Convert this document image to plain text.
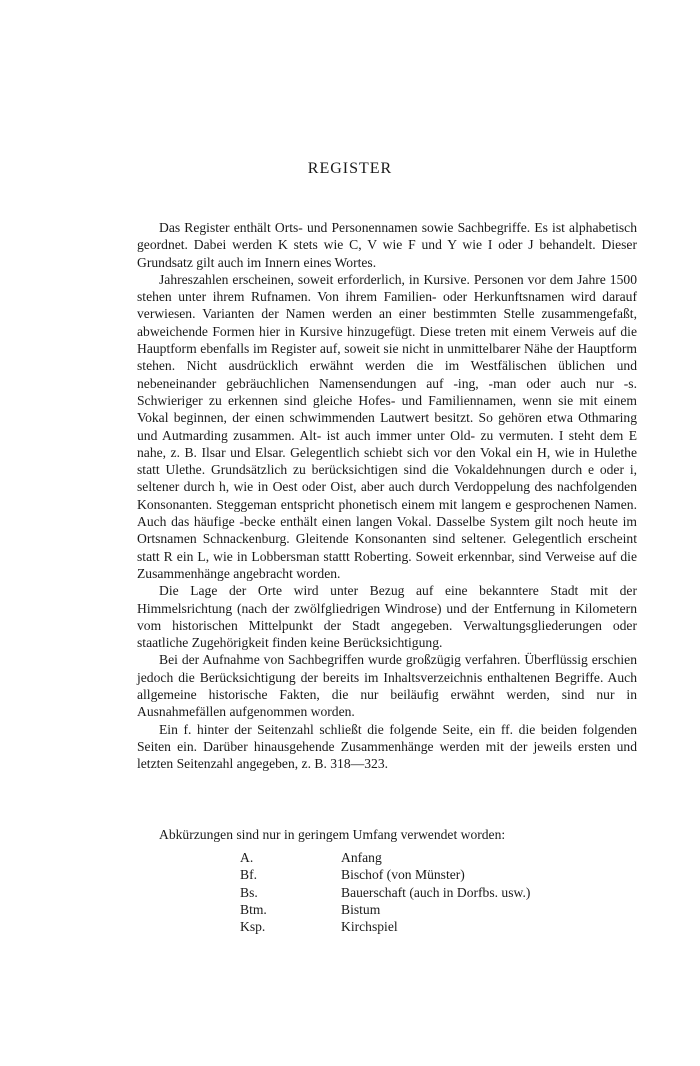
REGISTER

Das Register enthält Orts- und Personennamen sowie Sachbegriffe. Es ist alphabetisch geordnet. Dabei werden K stets wie C, V wie F und Y wie I oder J behandelt. Dieser Grundsatz gilt auch im Innern eines Wortes.

Jahreszahlen erscheinen, soweit erforderlich, in Kursive. Personen vor dem Jahre 1500 stehen unter ihrem Rufnamen. Von ihrem Familien- oder Herkunftsnamen wird darauf verwiesen. Varianten der Namen werden an einer bestimmten Stelle zusammengefaßt, abweichende Formen hier in Kursive hinzugefügt. Diese treten mit einem Verweis auf die Hauptform ebenfalls im Register auf, soweit sie nicht in unmittelbarer Nähe der Hauptform stehen. Nicht ausdrücklich erwähnt werden die im Westfälischen üblichen und nebeneinander gebräuchlichen Namensendungen auf -ing, -man oder auch nur -s. Schwieriger zu erkennen sind gleiche Hofes- und Familiennamen, wenn sie mit einem Vokal beginnen, der einen schwimmenden Lautwert besitzt. So gehören etwa Othmaring und Autmarding zusammen. Alt- ist auch immer unter Old- zu vermuten. I steht dem E nahe, z. B. Ilsar und Elsar. Gelegentlich schiebt sich vor den Vokal ein H, wie in Hulethe statt Ulethe. Grundsätzlich zu berücksichtigen sind die Vokaldehnungen durch e oder i, seltener durch h, wie in Oest oder Oist, aber auch durch Verdoppelung des nachfolgenden Konsonanten. Steggeman entspricht phonetisch einem mit langem e gesprochenen Namen. Auch das häufige -becke enthält einen langen Vokal. Dasselbe System gilt noch heute im Ortsnamen Schnackenburg. Gleitende Konsonanten sind seltener. Gelegentlich erscheint statt R ein L, wie in Lobbersman stattt Roberting. Soweit erkennbar, sind Verweise auf die Zusammenhänge angebracht worden.

Die Lage der Orte wird unter Bezug auf eine bekanntere Stadt mit der Himmelsrichtung (nach der zwölfgliedrigen Windrose) und der Entfernung in Kilometern vom historischen Mittelpunkt der Stadt angegeben. Verwaltungsgliederungen oder staatliche Zugehörigkeit finden keine Berücksichtigung.

Bei der Aufnahme von Sachbegriffen wurde großzügig verfahren. Überflüssig erschien jedoch die Berücksichtigung der bereits im Inhaltsverzeichnis enthaltenen Begriffe. Auch allgemeine historische Fakten, die nur beiläufig erwähnt werden, sind nur in Ausnahmefällen aufgenommen worden.

Ein f. hinter der Seitenzahl schließt die folgende Seite, ein ff. die beiden folgenden Seiten ein. Darüber hinausgehende Zusammenhänge werden mit der jeweils ersten und letzten Seitenzahl angegeben, z. B. 318—323.

Abkürzungen sind nur in geringem Umfang verwendet worden:
A.	Anfang
Bf.	Bischof (von Münster)
Bs.	Bauerschaft (auch in Dorfbs. usw.)
Btm.	Bistum
Ksp.	Kirchspiel
